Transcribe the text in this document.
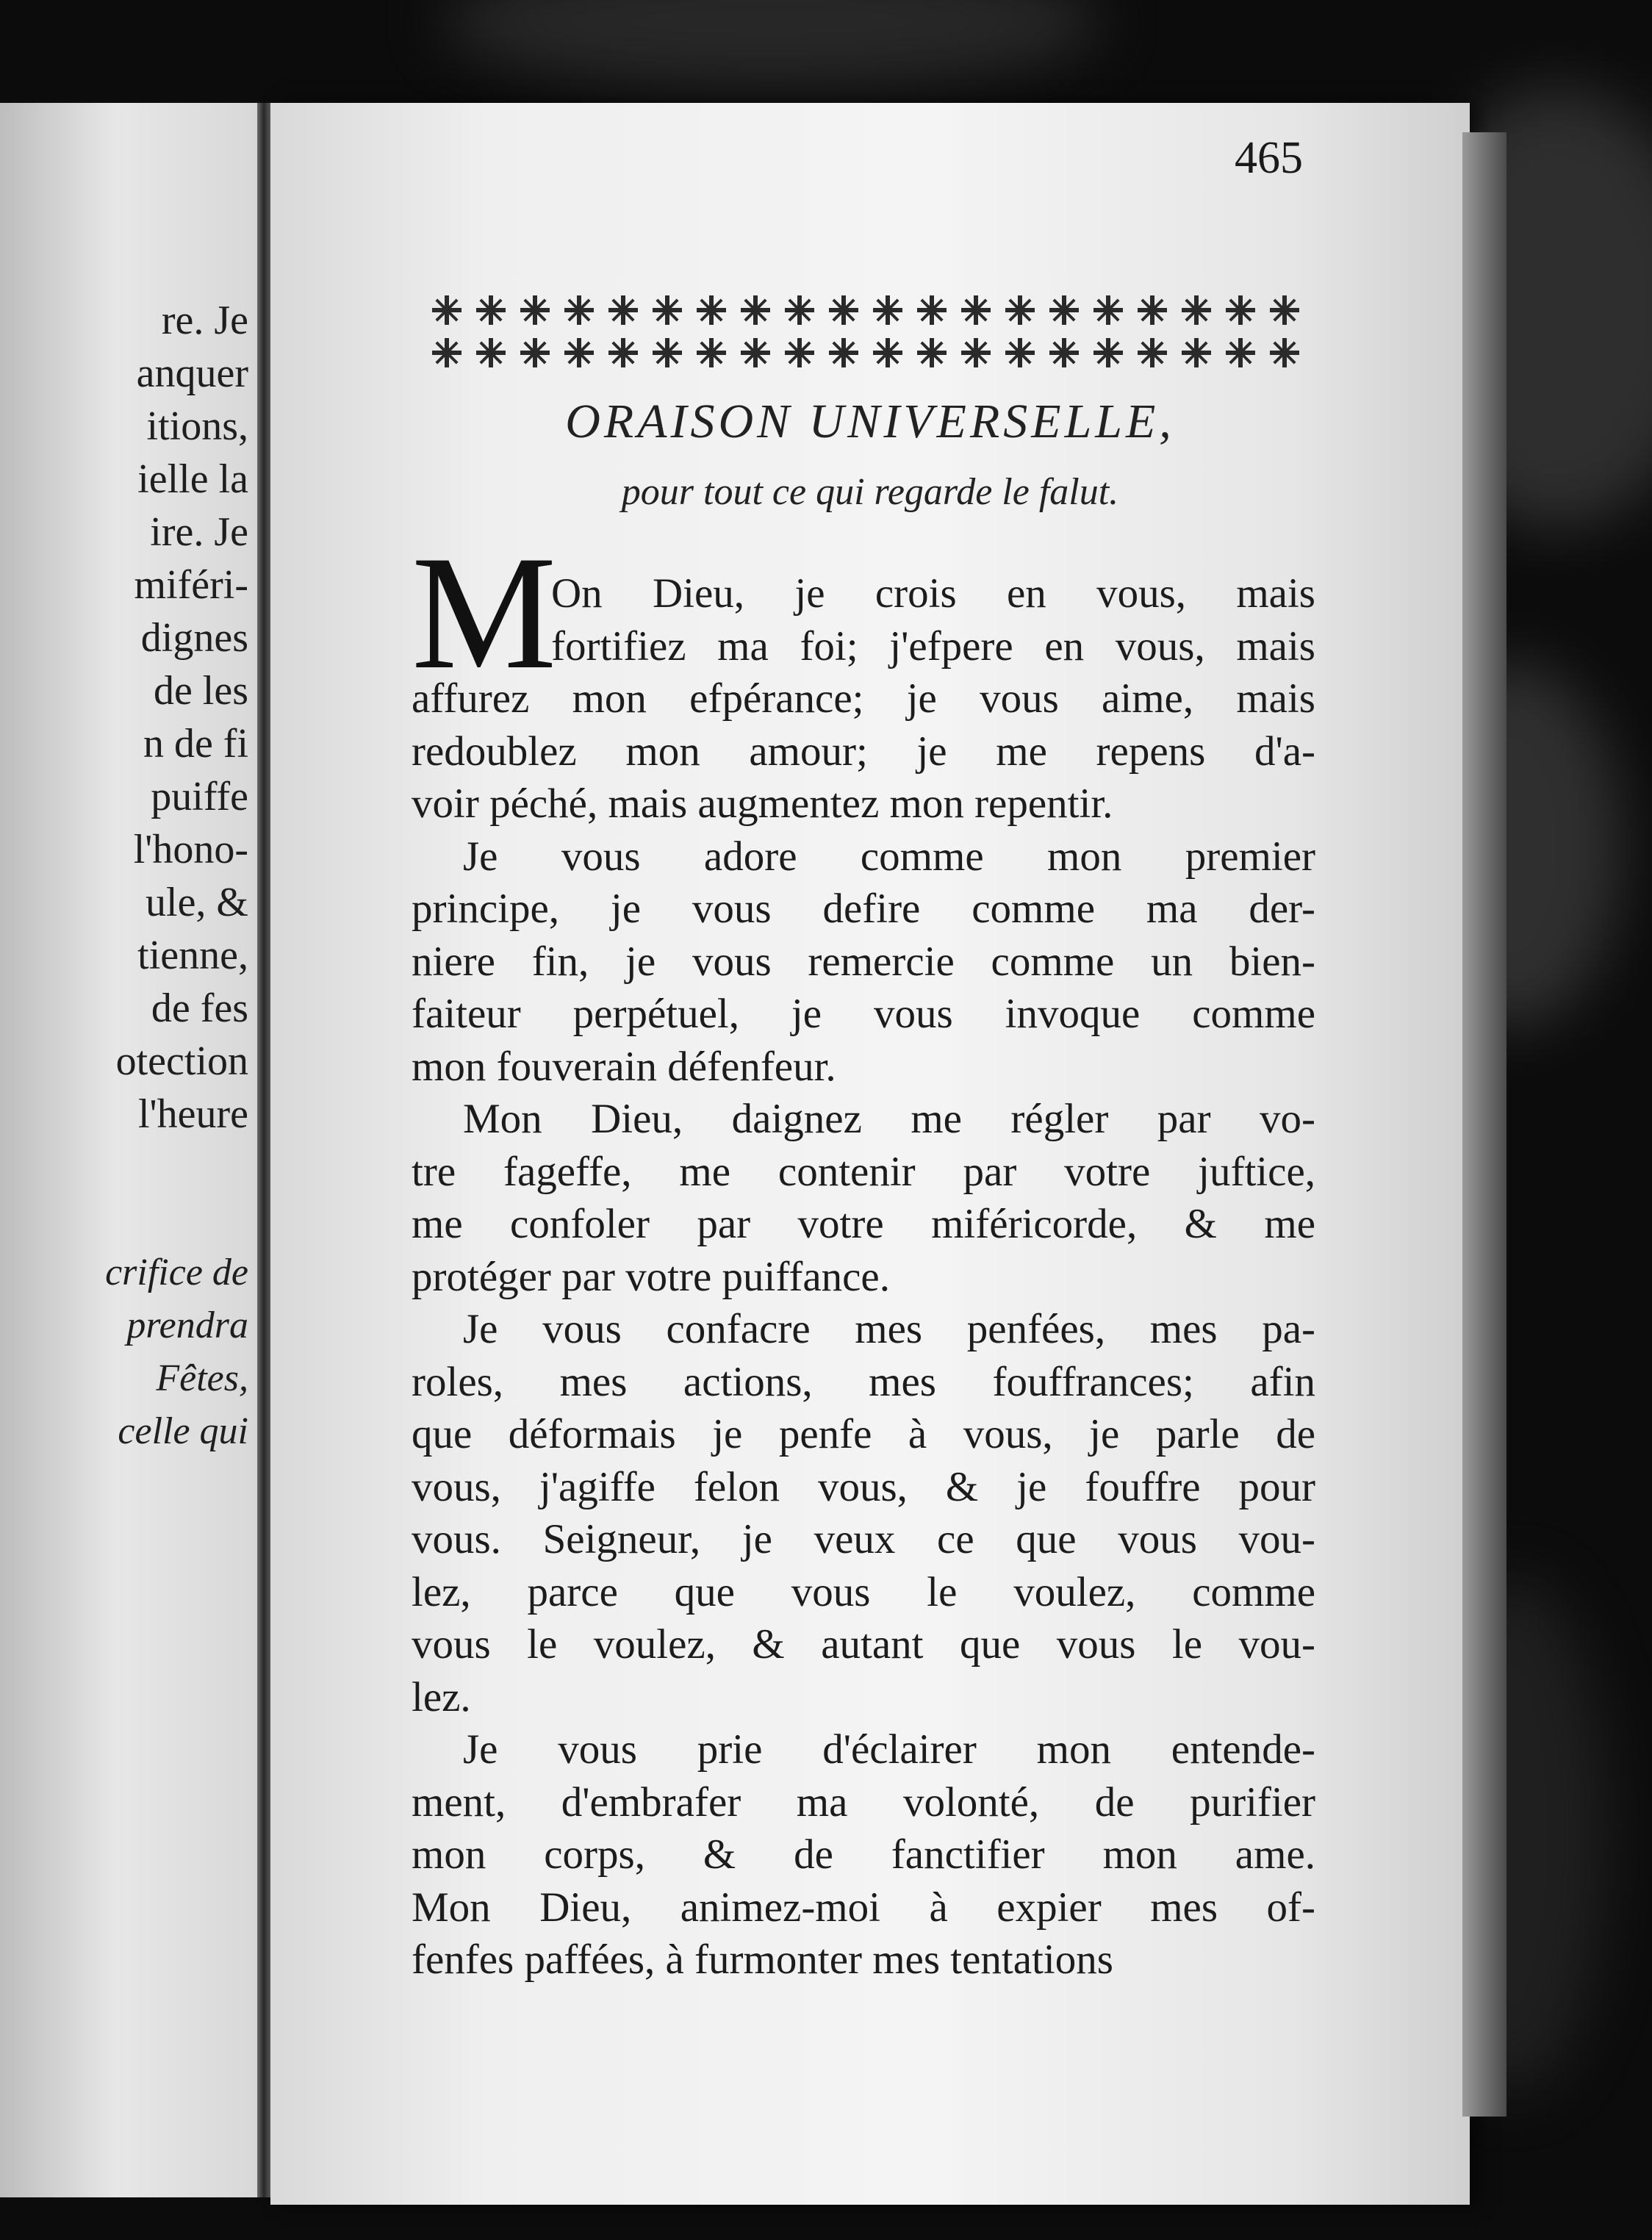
re. Je
anquer
itions,
ielle la
ire. Je
miféri-
dignes
de les
n de fi
puiffe
l'hono-
ule, &
tienne,
de fes
otection
l'heure

crifice de
prendra
Fêtes,
celle qui
465
ORAISON UNIVERSELLE,
pour tout ce qui regarde le falut.
M
On Dieu, je crois en vous, mais
fortifiez ma foi; j'efpere en vous, mais
affurez mon efpérance; je vous aime, mais
redoublez mon amour; je me repens d'a-
voir péché, mais augmentez mon repentir.
Je vous adore comme mon premier
principe, je vous defire comme ma der-
niere fin, je vous remercie comme un bien-
faiteur perpétuel, je vous invoque comme
mon fouverain défenfeur.
Mon Dieu, daignez me régler par vo-
tre fageffe, me contenir par votre juftice,
me confoler par votre miféricorde, & me
protéger par votre puiffance.
Je vous confacre mes penfées, mes pa-
roles, mes actions, mes fouffrances; afin
que déformais je penfe à vous, je parle de
vous, j'agiffe felon vous, & je fouffre pour
vous. Seigneur, je veux ce que vous vou-
lez, parce que vous le voulez, comme
vous le voulez, & autant que vous le vou-
lez.
Je vous prie d'éclairer mon entende-
ment, d'embrafer ma volonté, de purifier
mon corps, & de fanctifier mon ame.
Mon Dieu, animez-moi à expier mes of-
fenfes paffées, à furmonter mes tentations
